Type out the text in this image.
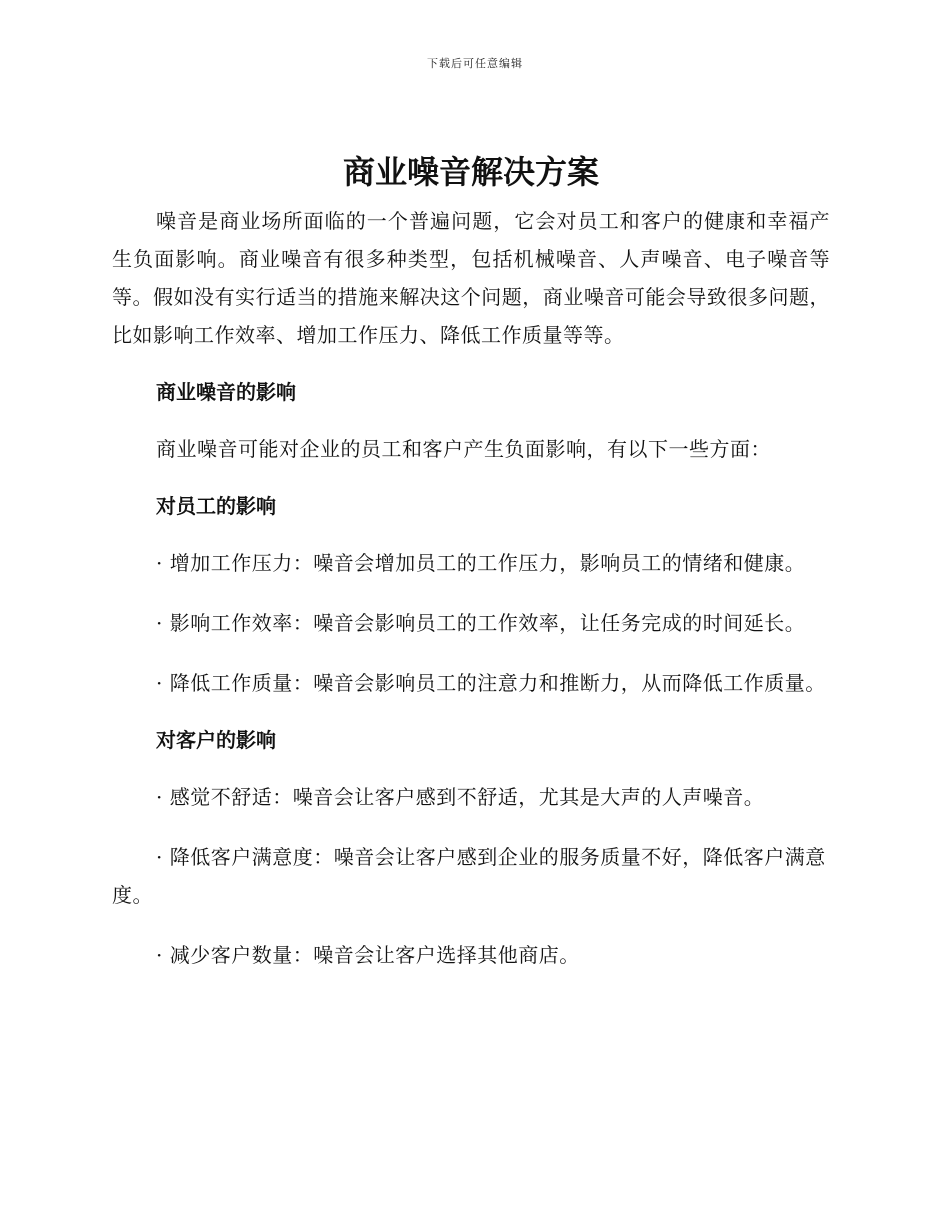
下载后可任意编辑
商业噪音解决方案

噪音是商业场所面临的一个普遍问题，它会对员工和客户的健康和幸福产生负面影响。商业噪音有很多种类型，包括机械噪音、人声噪音、电子噪音等等。假如没有实行适当的措施来解决这个问题，商业噪音可能会导致很多问题，比如影响工作效率、增加工作压力、降低工作质量等等。

商业噪音的影响

商业噪音可能对企业的员工和客户产生负面影响，有以下一些方面：

对员工的影响

· 增加工作压力：噪音会增加员工的工作压力，影响员工的情绪和健康。

· 影响工作效率：噪音会影响员工的工作效率，让任务完成的时间延长。

· 降低工作质量：噪音会影响员工的注意力和推断力，从而降低工作质量。

对客户的影响

· 感觉不舒适：噪音会让客户感到不舒适，尤其是大声的人声噪音。

· 降低客户满意度：噪音会让客户感到企业的服务质量不好，降低客户满意度。

· 减少客户数量：噪音会让客户选择其他商店。
